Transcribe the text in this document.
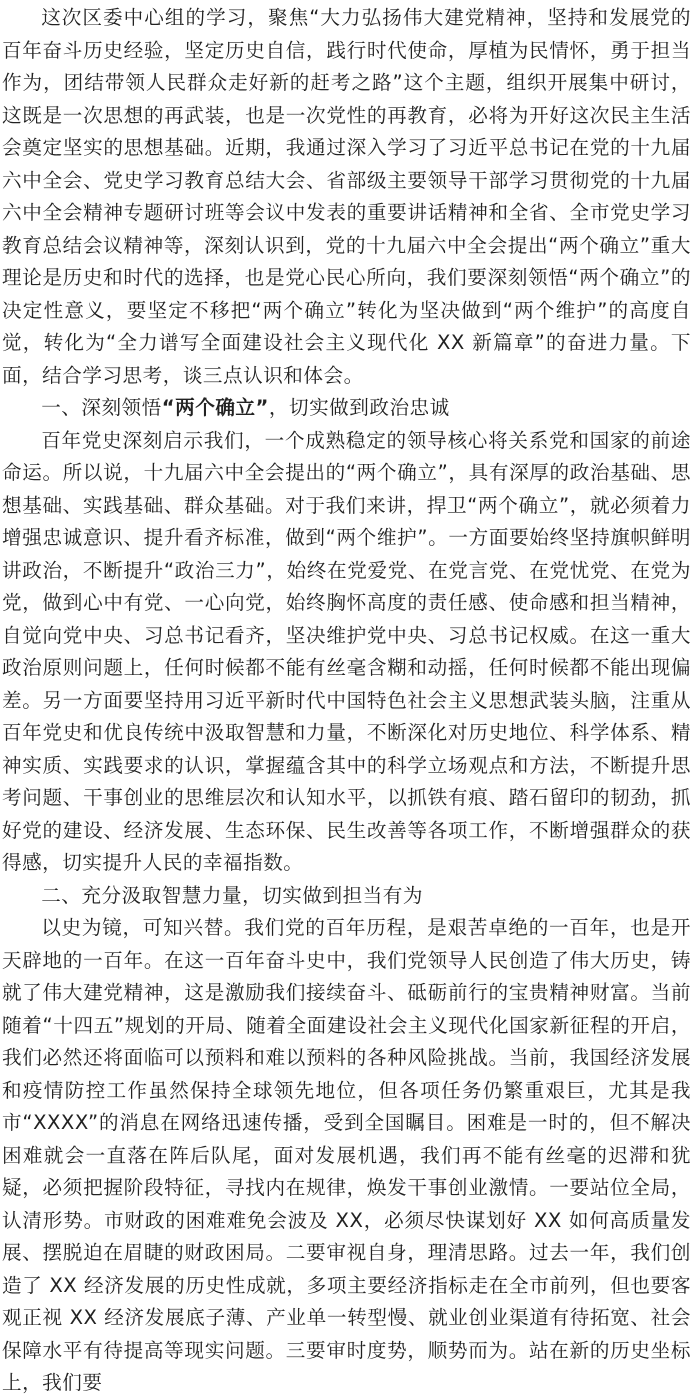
这次区委中心组的学习，聚焦“大力弘扬伟大建党精神，坚持和发展党的百年奋斗历史经验，坚定历史自信，践行时代使命，厚植为民情怀，勇于担当作为，团结带领人民群众走好新的赶考之路”这个主题，组织开展集中研讨，这既是一次思想的再武装，也是一次党性的再教育，必将为开好这次民主生活会奠定坚实的思想基础。近期，我通过深入学习了习近平总书记在党的十九届六中全会、党史学习教育总结大会、省部级主要领导干部学习贯彻党的十九届六中全会精神专题研讨班等会议中发表的重要讲话精神和全省、全市党史学习教育总结会议精神等，深刻认识到，党的十九届六中全会提出“两个确立”重大理论是历史和时代的选择，也是党心民心所向，我们要深刻领悟“两个确立”的决定性意义，要坚定不移把“两个确立”转化为坚决做到“两个维护”的高度自觉，转化为“全力谱写全面建设社会主义现代化 XX 新篇章”的奋进力量。下面，结合学习思考，谈三点认识和体会。

一、深刻领悟“两个确立”，切实做到政治忠诚

百年党史深刻启示我们，一个成熟稳定的领导核心将关系党和国家的前途命运。所以说，十九届六中全会提出的“两个确立”，具有深厚的政治基础、思想基础、实践基础、群众基础。对于我们来讲，捍卫“两个确立”，就必须着力增强忠诚意识、提升看齐标准，做到“两个维护”。一方面要始终坚持旗帜鲜明讲政治，不断提升“政治三力”，始终在党爱党、在党言党、在党忧党、在党为党，做到心中有党、一心向党，始终胸怀高度的责任感、使命感和担当精神，自觉向党中央、习总书记看齐，坚决维护党中央、习总书记权威。在这一重大政治原则问题上，任何时候都不能有丝毫含糊和动摇，任何时候都不能出现偏差。另一方面要坚持用习近平新时代中国特色社会主义思想武装头脑，注重从百年党史和优良传统中汲取智慧和力量，不断深化对历史地位、科学体系、精神实质、实践要求的认识，掌握蕴含其中的科学立场观点和方法，不断提升思考问题、干事创业的思维层次和认知水平，以抓铁有痕、踏石留印的韧劲，抓好党的建设、经济发展、生态环保、民生改善等各项工作，不断增强群众的获得感，切实提升人民的幸福指数。

二、充分汲取智慧力量，切实做到担当有为

以史为镜，可知兴替。我们党的百年历程，是艰苦卓绝的一百年，也是开天辟地的一百年。在这一百年奋斗史中，我们党领导人民创造了伟大历史，铸就了伟大建党精神，这是激励我们接续奋斗、砥砺前行的宝贵精神财富。当前随着“十四五”规划的开局、随着全面建设社会主义现代化国家新征程的开启，我们必然还将面临可以预料和难以预料的各种风险挑战。当前，我国经济发展和疫情防控工作虽然保持全球领先地位，但各项任务仍繁重艰巨，尤其是我市“XXXX”的消息在网络迅速传播，受到全国瞩目。困难是一时的，但不解决困难就会一直落在阵后队尾，面对发展机遇，我们再不能有丝毫的迟滞和犹疑，必须把握阶段特征，寻找内在规律，焕发干事创业激情。一要站位全局，认清形势。市财政的困难难免会波及 XX，必须尽快谋划好 XX 如何高质量发展、摆脱迫在眉睫的财政困局。二要审视自身，理清思路。过去一年，我们创造了 XX 经济发展的历史性成就，多项主要经济指标走在全市前列，但也要客观正视 XX 经济发展底子薄、产业单一转型慢、就业创业渠道有待拓宽、社会保障水平有待提高等现实问题。三要审时度势，顺势而为。站在新的历史坐标上，我们要
